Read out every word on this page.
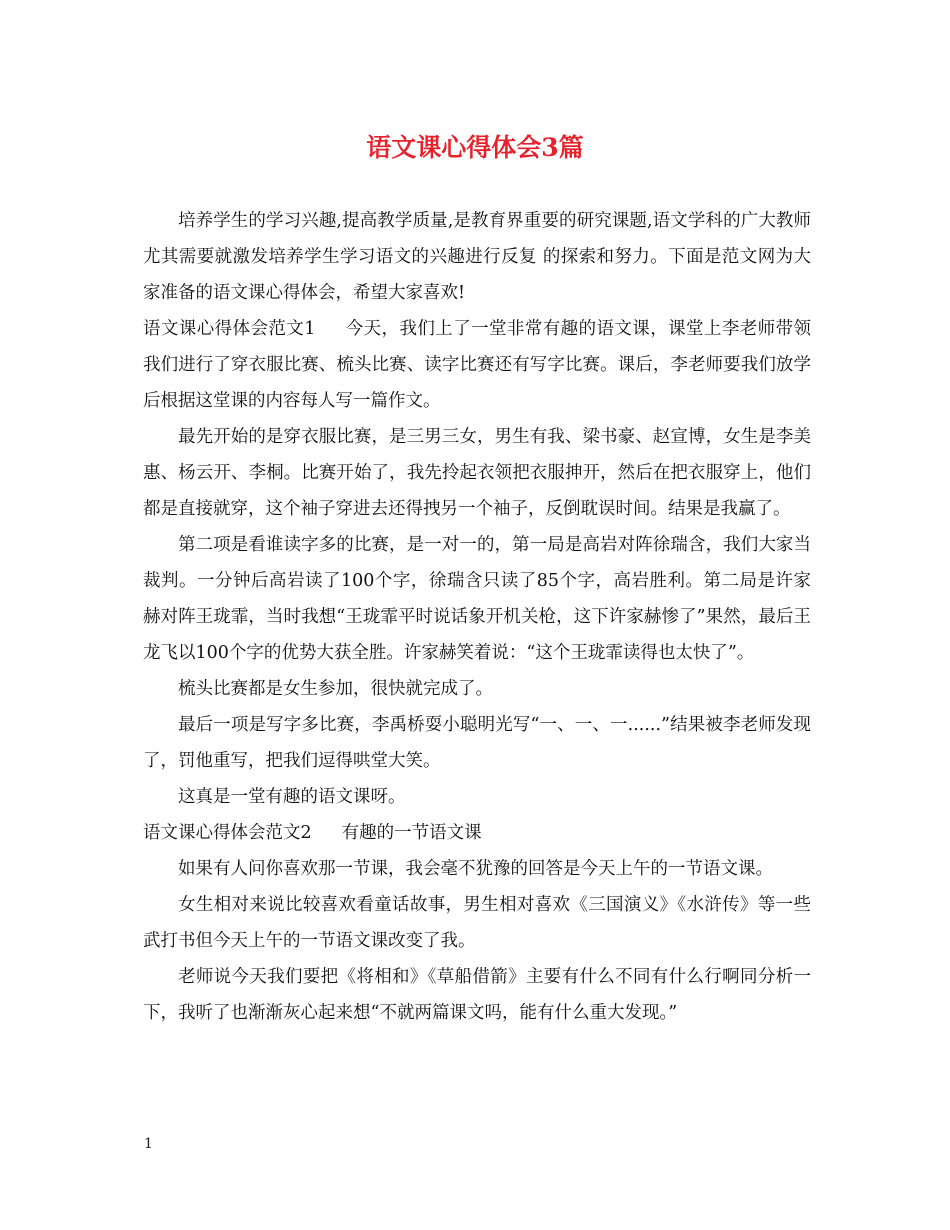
语文课心得体会3篇

培养学生的学习兴趣,提高教学质量,是教育界重要的研究课题,语文学科的广大教师尤其需要就激发培养学生学习语文的兴趣进行反复 的探索和努力。下面是范文网为大家准备的语文课心得体会，希望大家喜欢!

语文课心得体会范文1 今天，我们上了一堂非常有趣的语文课，课堂上李老师带领我们进行了穿衣服比赛、梳头比赛、读字比赛还有写字比赛。课后，李老师要我们放学后根据这堂课的内容每人写一篇作文。

最先开始的是穿衣服比赛，是三男三女，男生有我、梁书豪、赵宣博，女生是李美惠、杨云开、李桐。比赛开始了，我先拎起衣领把衣服抻开，然后在把衣服穿上，他们都是直接就穿，这个袖子穿进去还得拽另一个袖子，反倒耽误时间。结果是我赢了。

第二项是看谁读字多的比赛，是一对一的，第一局是高岩对阵徐瑞含，我们大家当裁判。一分钟后高岩读了100个字，徐瑞含只读了85个字，高岩胜利。第二局是许家赫对阵王珑霏，当时我想“王珑霏平时说话象开机关枪，这下许家赫惨了”果然，最后王龙飞以100个字的优势大获全胜。许家赫笑着说：“这个王珑霏读得也太快了”。

梳头比赛都是女生参加，很快就完成了。

最后一项是写字多比赛，李禹桥耍小聪明光写“一、一、一......”结果被李老师发现了，罚他重写，把我们逗得哄堂大笑。

这真是一堂有趣的语文课呀。

语文课心得体会范文2 有趣的一节语文课

如果有人问你喜欢那一节课，我会毫不犹豫的回答是今天上午的一节语文课。

女生相对来说比较喜欢看童话故事，男生相对喜欢《三国演义》《水浒传》等一些武打书但今天上午的一节语文课改变了我。

老师说今天我们要把《将相和》《草船借箭》主要有什么不同有什么行啊同分析一下，我听了也渐渐灰心起来想“不就两篇课文吗，能有什么重大发现。”

1
